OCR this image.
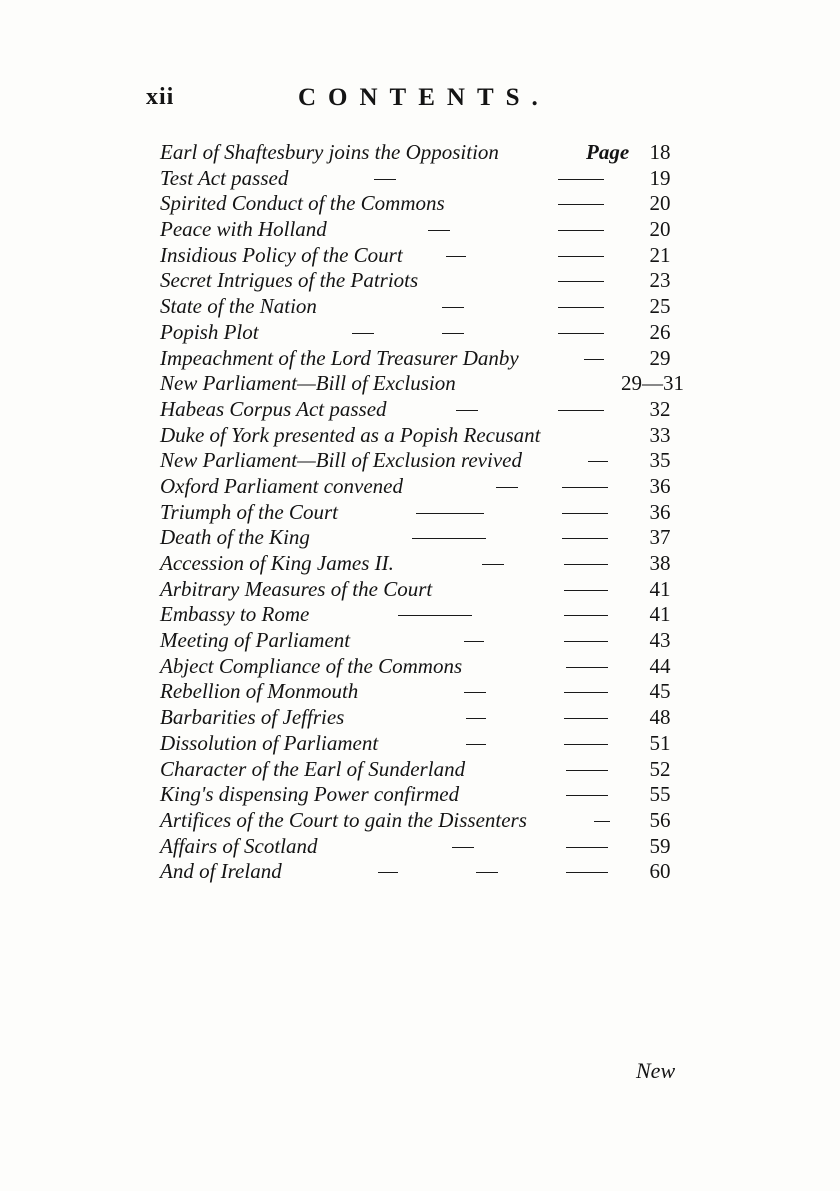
xii	CONTENTS.
Earl of Shaftesbury joins the Opposition	Page 18
Test Act passed	19
Spirited Conduct of the Commons	20
Peace with Holland	20
Insidious Policy of the Court	21
Secret Intrigues of the Patriots	23
State of the Nation	25
Popish Plot	26
Impeachment of the Lord Treasurer Danby	29
New Parliament—Bill of Exclusion	29—31
Habeas Corpus Act passed	32
Duke of York presented as a Popish Recusant	33
New Parliament—Bill of Exclusion revived	35
Oxford Parliament convened	36
Triumph of the Court	36
Death of the King	37
Accession of King James II.	38
Arbitrary Measures of the Court	41
Embassy to Rome	41
Meeting of Parliament	43
Abject Compliance of the Commons	44
Rebellion of Monmouth	45
Barbarities of Jeffries	48
Dissolution of Parliament	51
Character of the Earl of Sunderland	52
King's dispensing Power confirmed	55
Artifices of the Court to gain the Dissenters	56
Affairs of Scotland	59
And of Ireland	60
New
